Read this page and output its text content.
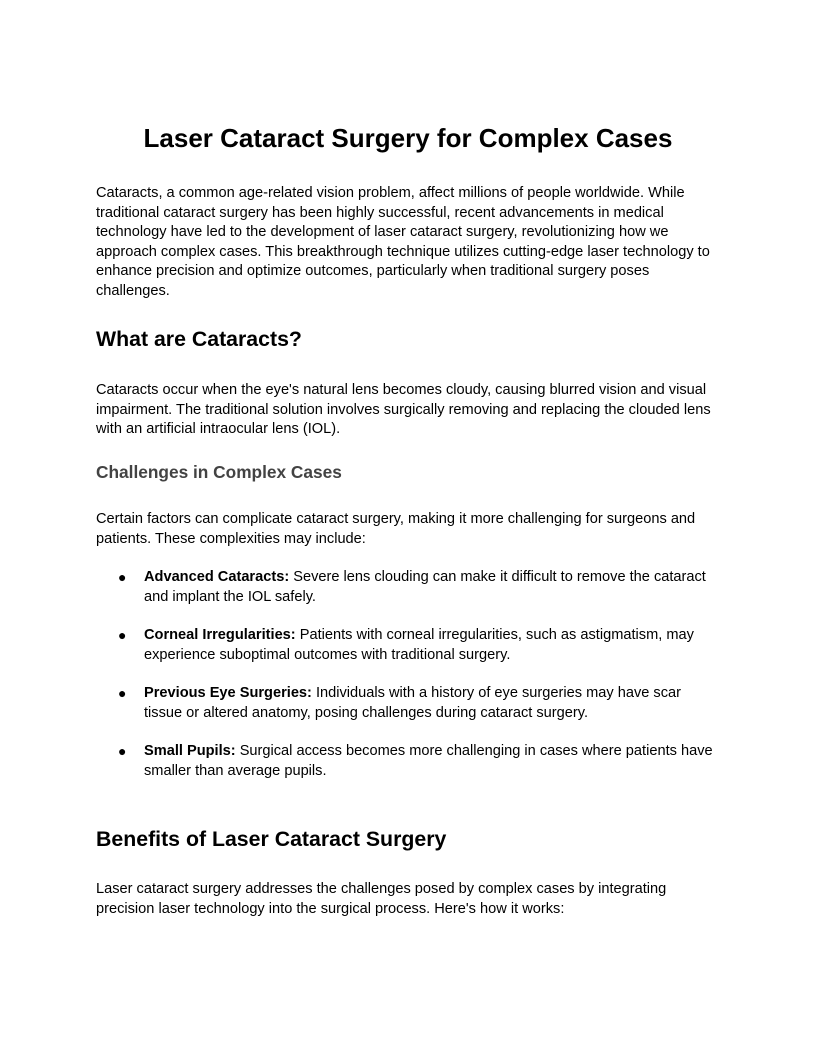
Laser Cataract Surgery for Complex Cases

Cataracts, a common age-related vision problem, affect millions of people worldwide. While traditional cataract surgery has been highly successful, recent advancements in medical technology have led to the development of laser cataract surgery, revolutionizing how we approach complex cases. This breakthrough technique utilizes cutting-edge laser technology to enhance precision and optimize outcomes, particularly when traditional surgery poses challenges.

What are Cataracts?

Cataracts occur when the eye's natural lens becomes cloudy, causing blurred vision and visual impairment. The traditional solution involves surgically removing and replacing the clouded lens with an artificial intraocular lens (IOL).

Challenges in Complex Cases

Certain factors can complicate cataract surgery, making it more challenging for surgeons and patients. These complexities may include:

● Advanced Cataracts: Severe lens clouding can make it difficult to remove the cataract and implant the IOL safely.
● Corneal Irregularities: Patients with corneal irregularities, such as astigmatism, may experience suboptimal outcomes with traditional surgery.
● Previous Eye Surgeries: Individuals with a history of eye surgeries may have scar tissue or altered anatomy, posing challenges during cataract surgery.
● Small Pupils: Surgical access becomes more challenging in cases where patients have smaller than average pupils.
Benefits of Laser Cataract Surgery

Laser cataract surgery addresses the challenges posed by complex cases by integrating precision laser technology into the surgical process. Here's how it works:
